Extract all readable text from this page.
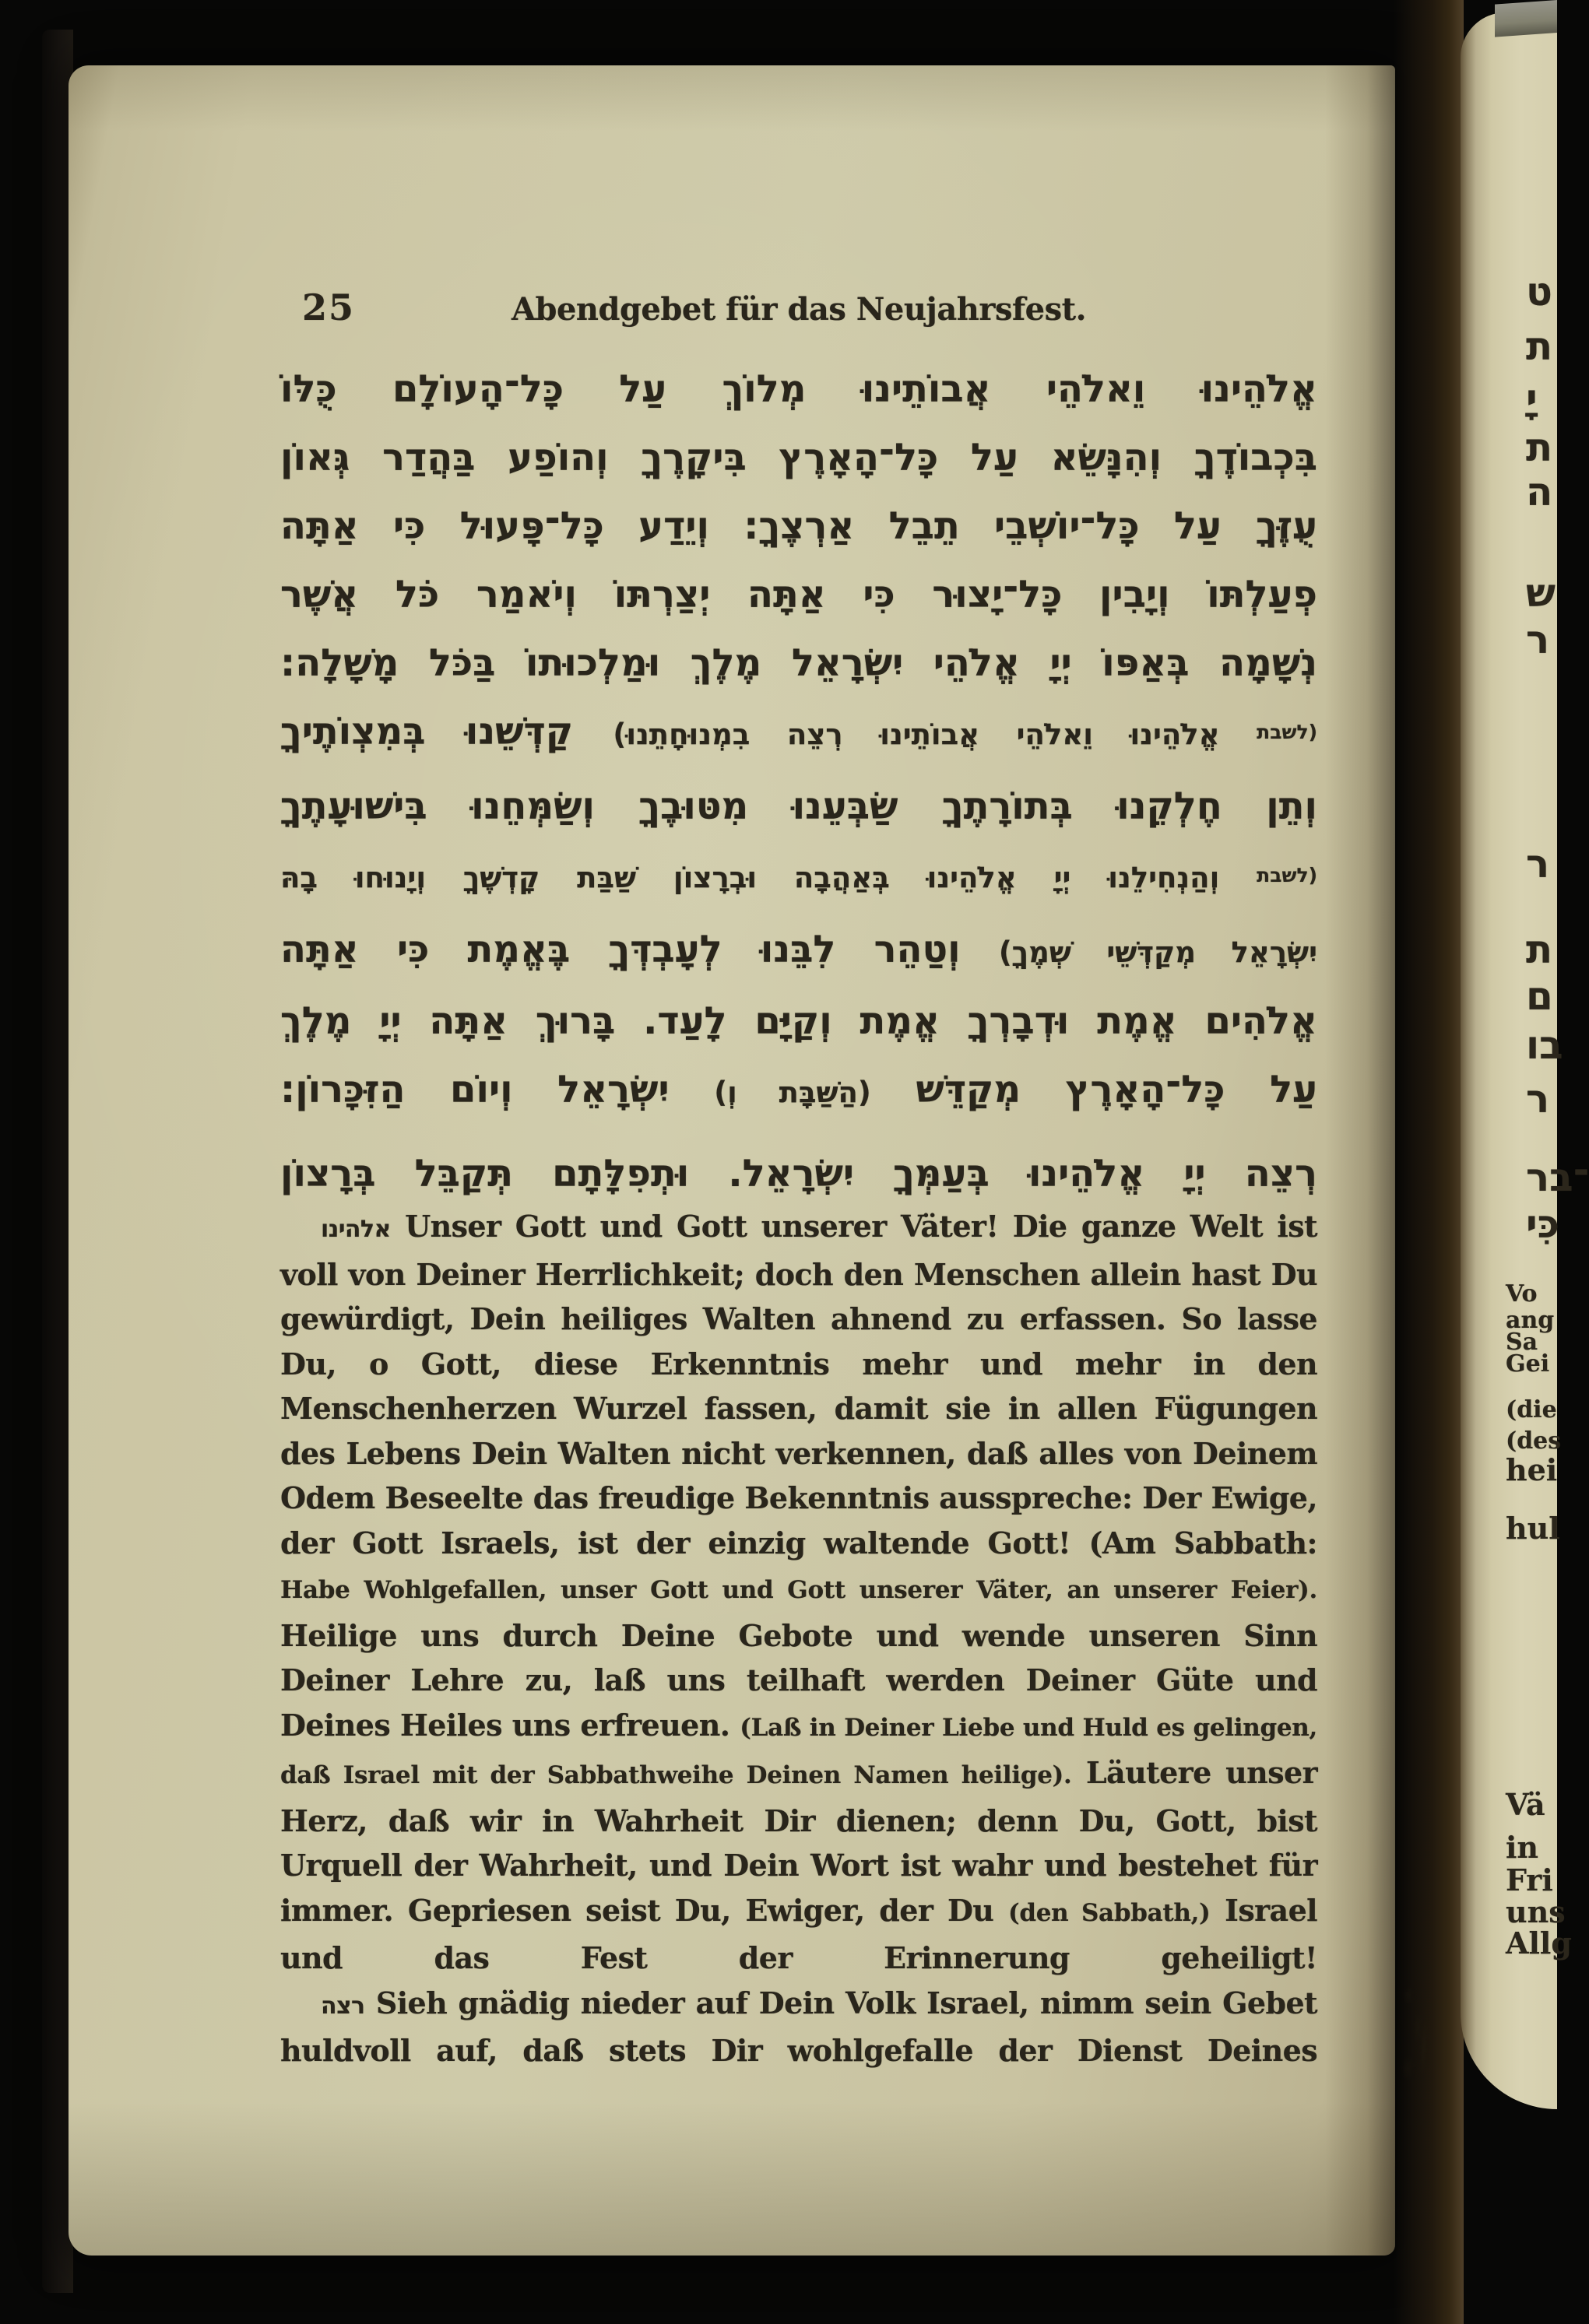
25	Abendgebet für das Neujahrsfest.
אֱלֹהֵינוּ וֵאלֹהֵי אֲבוֹתֵינוּ מְלוֹךְ עַל כָּל־הָעוֹלָם כֻּלּוֹ
בִּכְבוֹדֶךָ וְהִנָּשֵׂא עַל כָּל־הָאָרֶץ בִּיקָרֶךָ וְהוֹפַע בַּהֲדַר גְּאוֹן
עֻזֶּךָ עַל כָּל־יוֹשְׁבֵי תֵבֵל אַרְצֶךָ: וְיֵדַע כָּל־פָּעוּל כִּי אַתָּה
פְעַלְתּוֹ וְיָבִין כָּל־יָצוּר כִּי אַתָּה יְצַרְתּוֹ וְיֹאמַר כֹּל אֲשֶׁר
נְשָׁמָה בְּאַפּוֹ יְיָ אֱלֹהֵי יִשְׂרָאֵל מֶלֶךְ וּמַלְכוּתוֹ בַּכֹּל מָשָׁלָה:
(לשבת אֱלֹהֵינוּ וֵאלֹהֵי אֲבוֹתֵינוּ רְצֵה בִמְנוּחָתֵנוּ) קַדְּשֵׁנוּ בְּמִצְוֹתֶיךָ
וְתֵן חֶלְקֵנוּ בְּתוֹרָתֶךָ שַׂבְּעֵנוּ מִטּוּבֶךָ וְשַׂמְּחֵנוּ בִּישׁוּעָתֶךָ
(לשבת וְהַנְחִילֵנוּ יְיָ אֱלֹהֵינוּ בְּאַהֲבָה וּבְרָצוֹן שַׁבַּת קָדְשֶׁךָ וְיָנוּחוּ בָהּ
יִשְׂרָאֵל מְקַדְּשֵׁי שְׁמֶךָ) וְטַהֵר לִבֵּנוּ לְעָבְדְּךָ בֶּאֱמֶת כִּי אַתָּה
אֱלֹהִים אֱמֶת וּדְבָרְךָ אֱמֶת וְקַיָּם לָעַד. בָּרוּךְ אַתָּה יְיָ מֶלֶךְ
עַל כָּל־הָאָרֶץ מְקַדֵּשׁ (הַשַּׁבָּת וְ) יִשְׂרָאֵל וְיוֹם הַזִּכָּרוֹן:
רְצֵה יְיָ אֱלֹהֵינוּ בְּעַמְּךָ יִשְׂרָאֵל. וּתְפִלָּתָם תְּקַבֵּל בְּרָצוֹן

אלהינו Unser Gott und Gott unserer Väter! Die ganze Welt ist voll von Deiner Herrlichkeit; doch den Menschen allein hast Du gewürdigt, Dein heiliges Walten ahnend zu erfassen. So lasse Du, o Gott, diese Erkenntnis mehr und mehr in den Menschenherzen Wurzel fassen, damit sie in allen Fügungen des Lebens Dein Walten nicht verkennen, daß alles von Deinem Odem Beseelte das freudige Bekenntnis ausspreche: Der Ewige, der Gott Israels, ist der einzig waltende Gott! (Am Sabbath: Habe Wohlgefallen, unser Gott und Gott unserer Väter, an unserer Feier). Heilige uns durch Deine Gebote und wende unseren Sinn Deiner Lehre zu, laß uns teilhaft werden Deiner Güte und Deines Heiles uns erfreuen. (Laß in Deiner Liebe und Huld es gelingen, daß Israel mit der Sabbathweihe Deinen Namen heilige). Läutere unser Herz, daß wir in Wahrheit Dir dienen; denn Du, Gott, bist Urquell der Wahrheit, und Dein Wort ist wahr und bestehet für immer. Gepriesen seist Du, Ewiger, der Du (den Sabbath,) Israel und das Fest der Erinnerung geheiligt!

רצה Sieh gnädig nieder auf Dein Volk Israel, nimm sein Gebet huldvoll auf, daß stets Dir wohlgefalle der Dienst Deines

ט
ת
יָ
ת
ה
ש
ר
ר
ת
ם
בו
ר
־בר
כִּי
Vo
ang
Sa
Gei
(die
(des
hei
hul
Vä
in
Fri
uns
Allg
